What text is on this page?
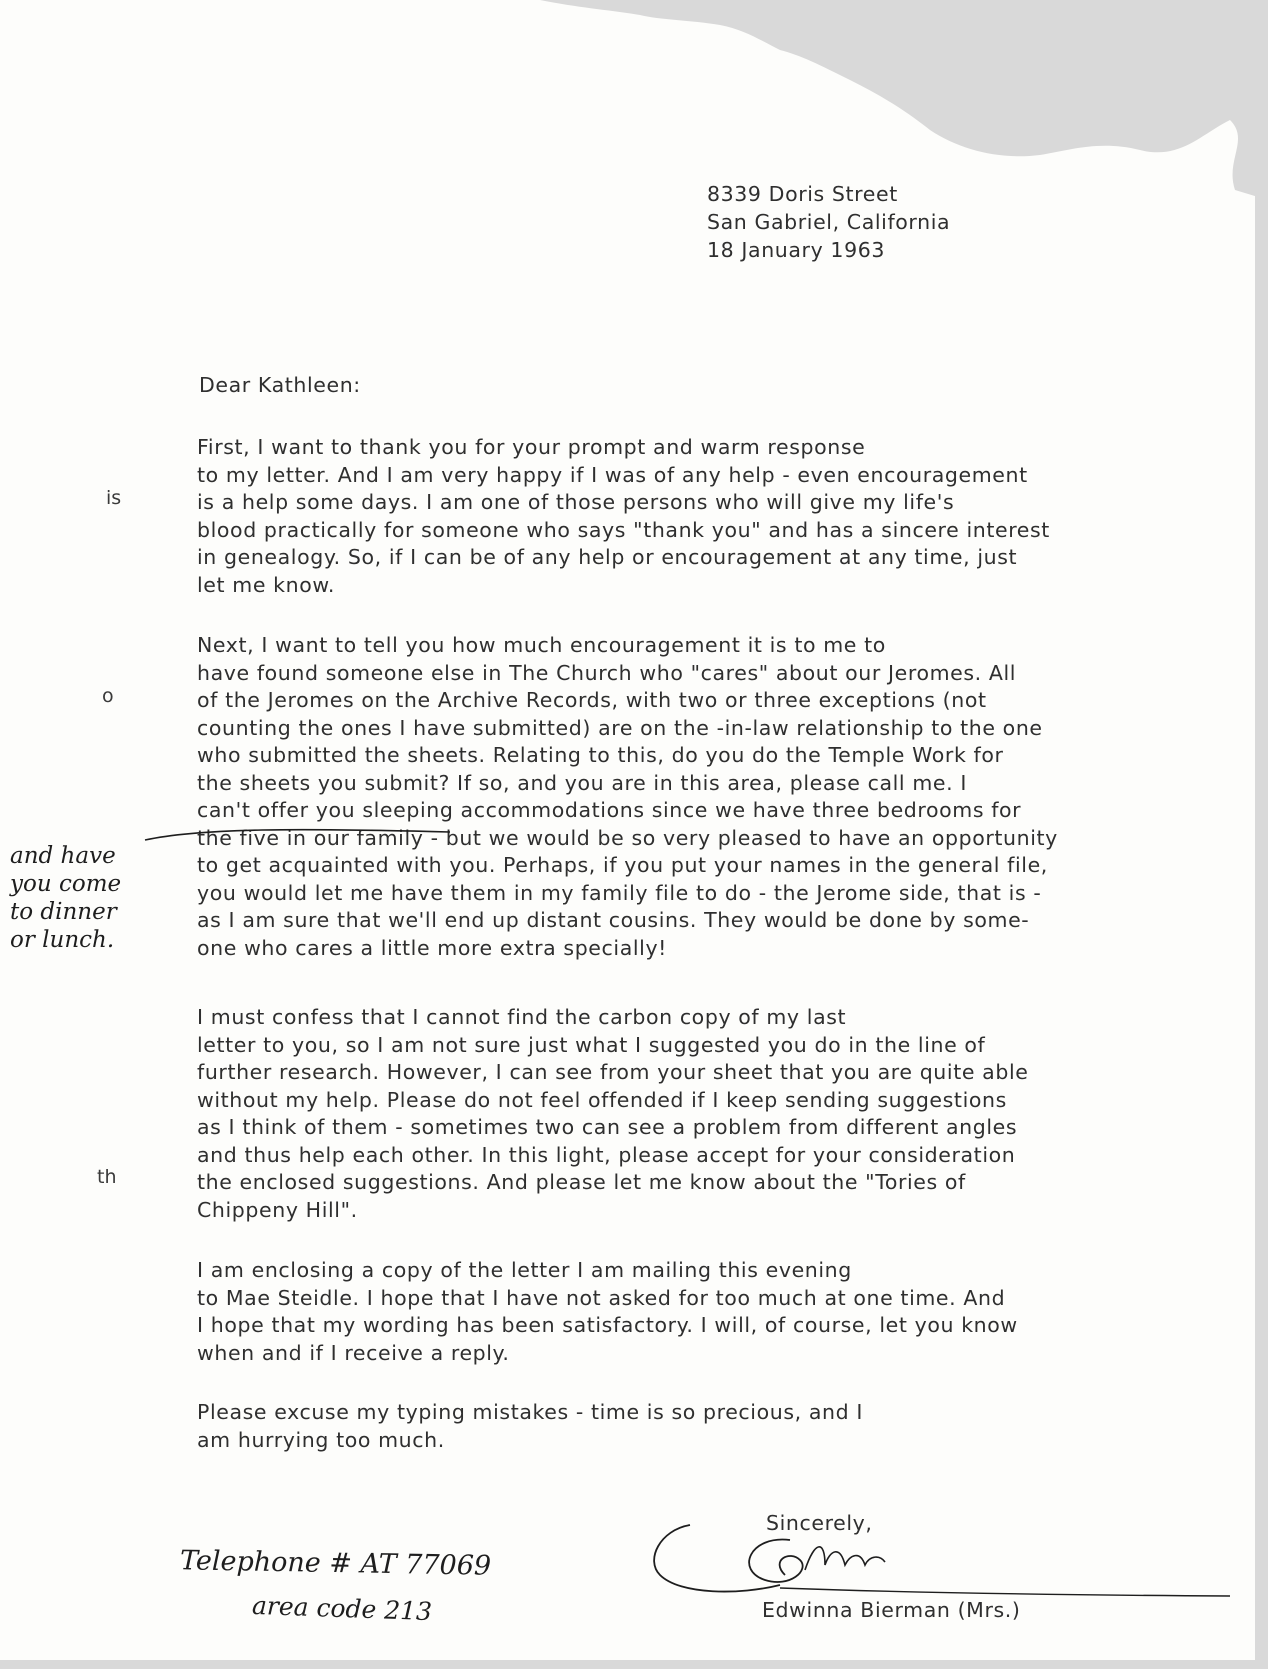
8339 Doris Street
San Gabriel, California
18 January 1963
Dear Kathleen:
First, I want to thank you for your prompt and warm response
to my letter. And I am very happy if I was of any help - even encouragement
is a help some days. I am one of those persons who will give my life's
blood practically for someone who says "thank you" and has a sincere interest
in genealogy. So, if I can be of any help or encouragement at any time, just
let me know.
Next, I want to tell you how much encouragement it is to me to
have found someone else in The Church who "cares" about our Jeromes. All
of the Jeromes on the Archive Records, with two or three exceptions (not
counting the ones I have submitted) are on the -in-law relationship to the one
who submitted the sheets. Relating to this, do you do the Temple Work for
the sheets you submit? If so, and you are in this area, please call me. I
can't offer you sleeping accommodations since we have three bedrooms for
the five in our family - but we would be so very pleased to have an opportunity
to get acquainted with you. Perhaps, if you put your names in the general file,
you would let me have them in my family file to do - the Jerome side, that is -
as I am sure that we'll end up distant cousins. They would be done by some-
one who cares a little more extra specially!
I must confess that I cannot find the carbon copy of my last
letter to you, so I am not sure just what I suggested you do in the line of
further research. However, I can see from your sheet that you are quite able
without my help. Please do not feel offended if I keep sending suggestions
as I think of them - sometimes two can see a problem from different angles
and thus help each other. In this light, please accept for your consideration
the enclosed suggestions. And please let me know about the "Tories of
Chippeny Hill".
I am enclosing a copy of the letter I am mailing this evening
to Mae Steidle. I hope that I have not asked for too much at one time. And
I hope that my wording has been satisfactory. I will, of course, let you know
when and if I receive a reply.
Please excuse my typing mistakes - time is so precious, and I
am hurrying too much.
is
o
th
and have
you come
to dinner
or lunch.
Sincerely,
Edwinna Bierman (Mrs.)
Telephone # AT 77069
area code 213
